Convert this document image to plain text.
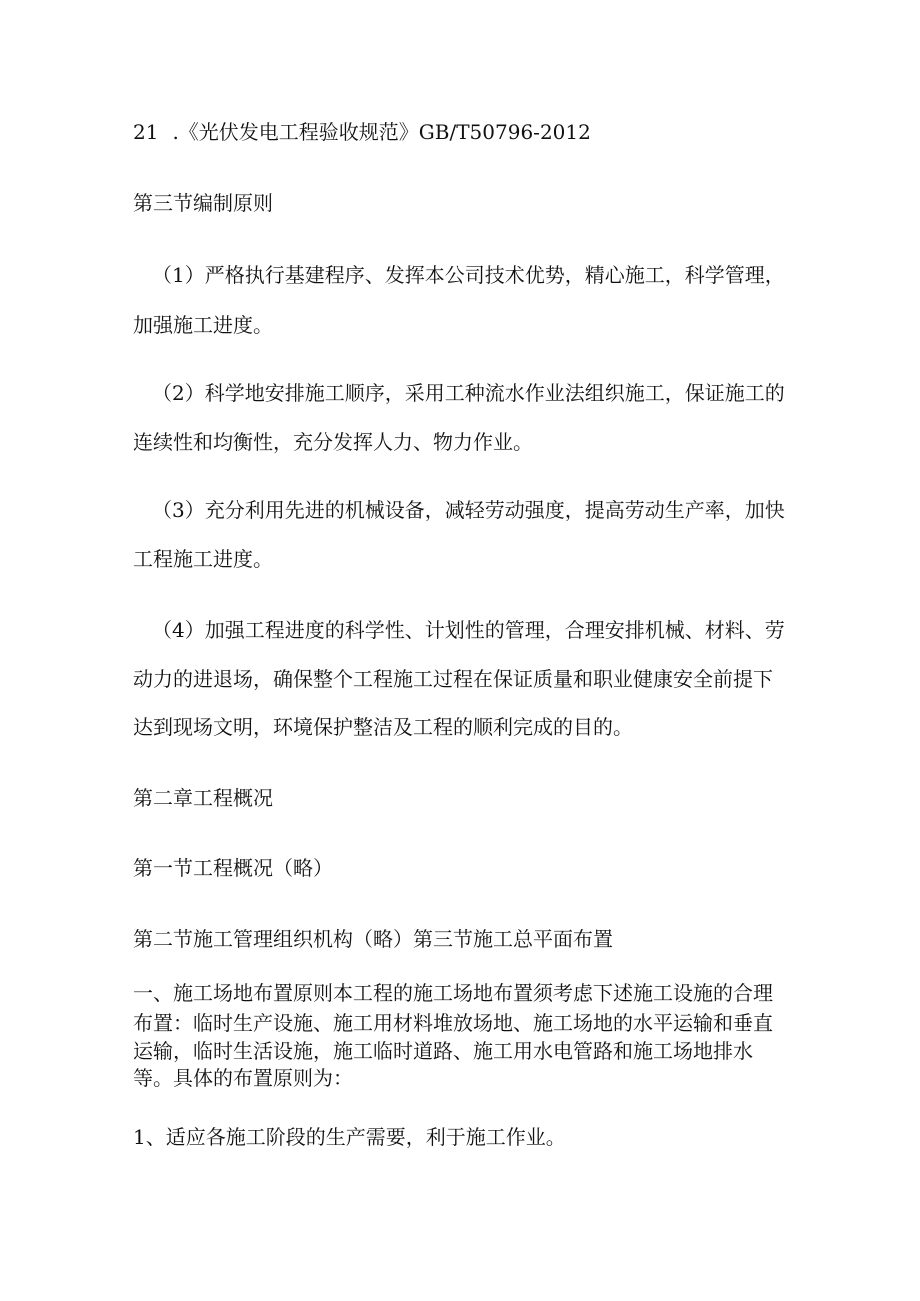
21 .《光伏发电工程验收规范》GB/T50796-2012
第三节编制原则
（1）严格执行基建程序、发挥本公司技术优势，精心施工，科学管理，
加强施工进度。
（2）科学地安排施工顺序，采用工种流水作业法组织施工，保证施工的
连续性和均衡性，充分发挥人力、物力作业。
（3）充分利用先进的机械设备，减轻劳动强度，提高劳动生产率，加快
工程施工进度。
（4）加强工程进度的科学性、计划性的管理，合理安排机械、材料、劳
动力的进退场，确保整个工程施工过程在保证质量和职业健康安全前提下
达到现场文明，环境保护整洁及工程的顺利完成的目的。
第二章工程概况
第一节工程概况（略）
第二节施工管理组织机构（略）第三节施工总平面布置
一、施工场地布置原则本工程的施工场地布置须考虑下述施工设施的合理
布置：临时生产设施、施工用材料堆放场地、施工场地的水平运输和垂直
运输，临时生活设施，施工临时道路、施工用水电管路和施工场地排水
等。具体的布置原则为：
1、适应各施工阶段的生产需要，利于施工作业。
